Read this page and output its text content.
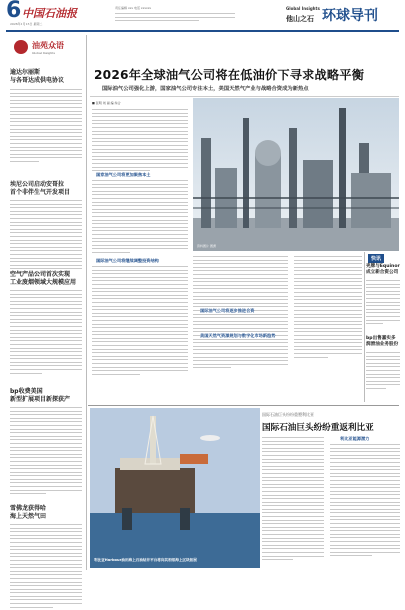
6 中国石油报
2026年1月13日 星期二
责任编辑 xxx 电话 xxxxxx	Global Insights
他山之石 环球导刊
油苑众语
Global Insights
逾达尔丽斯
与各哥达成供电协议
埃尼公司启动安哥拉
首个非伴生气开发项目
空气产品公司首次实现
工业废烟领域大规模应用
bp收费美国
新型扩展项目新探获产
雪佛龙获得哈
海上天然气田
2026年全球油气公司将在低油价下寻求战略平衡
国际油气公司强化上游，国家油气公司专注本土，美国天然气产业与战略合资成为新热点
■ 张明 刘 丽 编 综合
国家油气公司将更加聚焦本土
国际油气公司将继续调整投资结构
资料图片 图源
国际油气公司将逐步推进合资
美国天然气资源规划与数字化市场新趋势
快讯
壳牌与Equinor
成立新合资公司
bp出售嘉实多
润滑油业务股份
利比亚Harbour油田海上石油钻井平台将向其相邻海上区块拓展
国际石油巨头纷纷重塑利比亚
国际石油巨头纷纷重返利比亚
利比亚能源潜力
